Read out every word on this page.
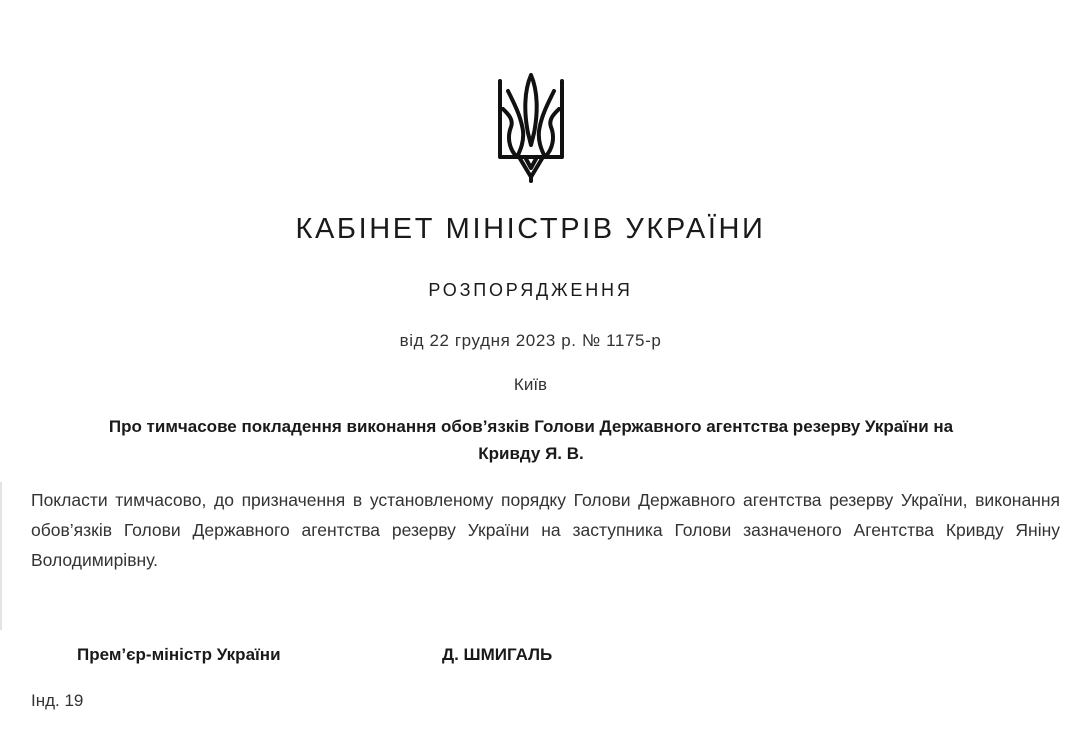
КАБІНЕТ МІНІСТРІВ УКРАЇНИ
РОЗПОРЯДЖЕННЯ
від 22 грудня 2023 р. № 1175-р
Київ
Про тимчасове покладення виконання обов’язків Голови Державного агентства резерву України на
Кривду Я. В.

Покласти тимчасово, до призначення в установленому порядку Голови Державного агентства резерву України, виконання обов’язків Голови Державного агентства резерву України на заступника Голови зазначеного Агентства Кривду Яніну Володимирівну.

Прем’єр-міністр України	Д. ШМИГАЛЬ
Інд. 19
